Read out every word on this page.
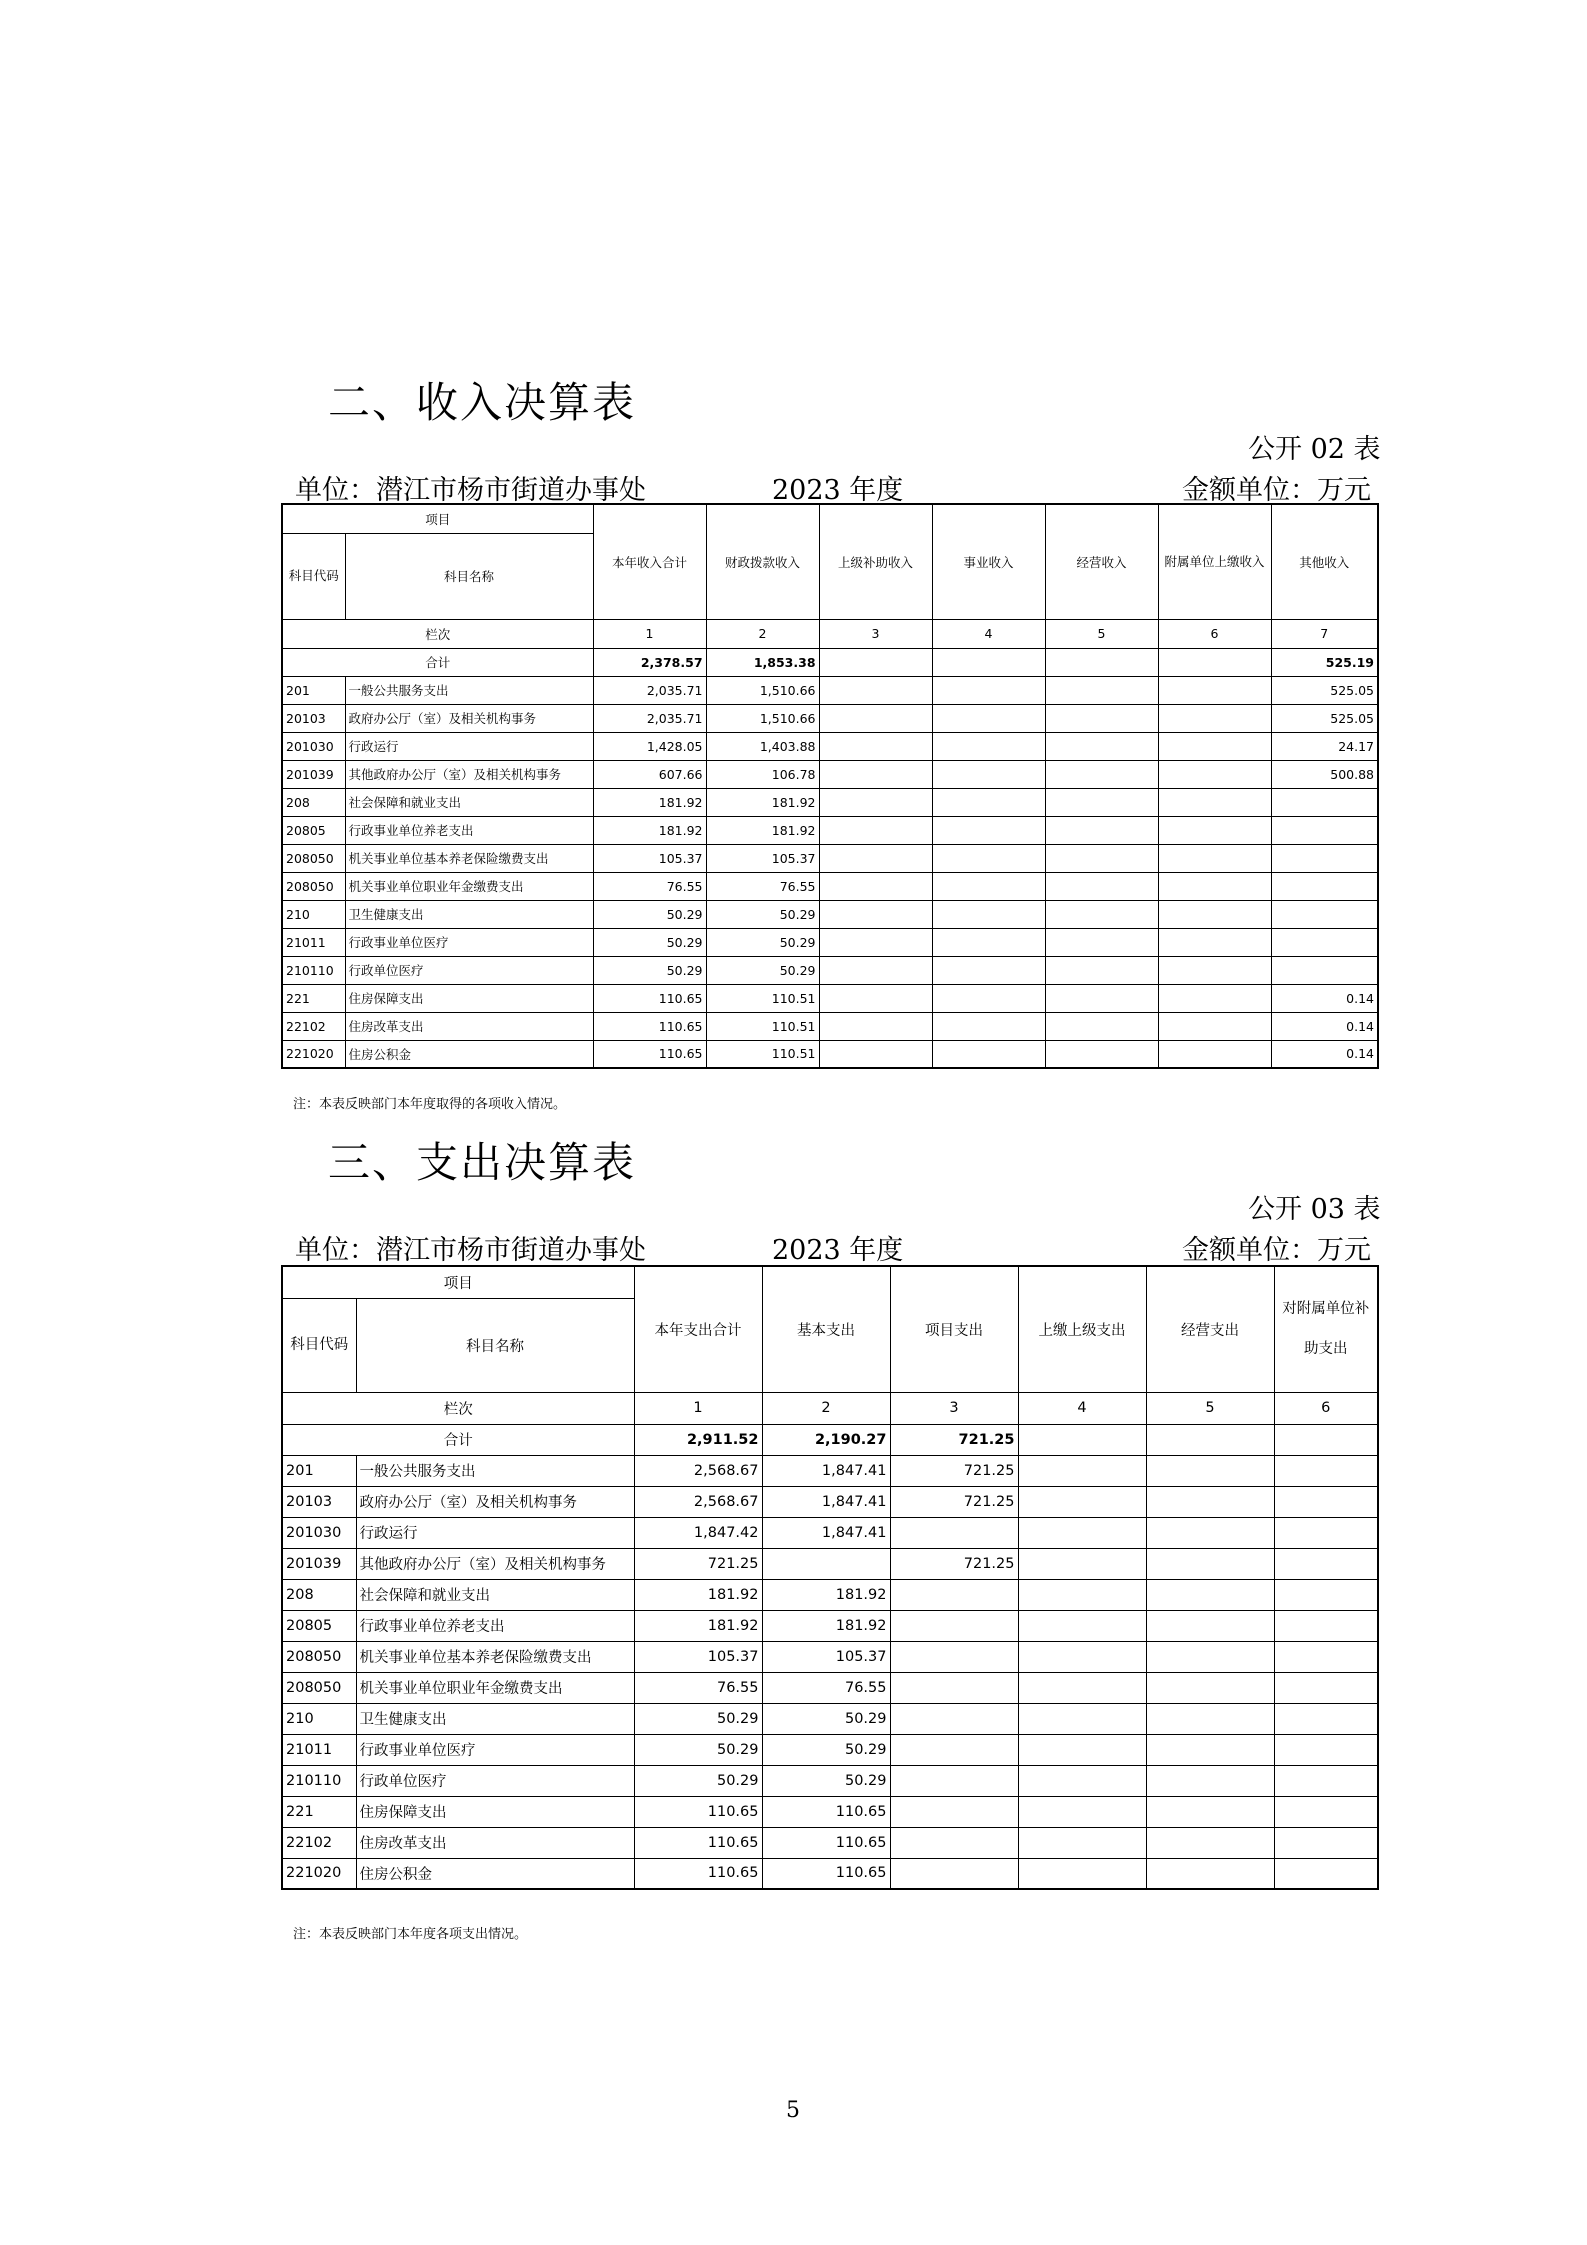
二、收入决算表
公开 02 表
单位：潜江市杨市街道办事处	2023 年度	金额单位：万元
项目		本年收入合计	财政拨款收入	上级补助收入	事业收入	经营收入	附属单位上缴收入	其他收入
科目代码	科目名称							
栏次		1	2	3	4	5	6	7
合计		2,378.57	1,853.38					525.19
201	一般公共服务支出	2,035.71	1,510.66					525.05
20103	政府办公厅（室）及相关机构事务	2,035.71	1,510.66					525.05
201030	行政运行	1,428.05	1,403.88					24.17
201039	其他政府办公厅（室）及相关机构事务	607.66	106.78					500.88
208	社会保障和就业支出	181.92	181.92					
20805	行政事业单位养老支出	181.92	181.92					
208050	机关事业单位基本养老保险缴费支出	105.37	105.37					
208050	机关事业单位职业年金缴费支出	76.55	76.55					
210	卫生健康支出	50.29	50.29					
21011	行政事业单位医疗	50.29	50.29					
210110	行政单位医疗	50.29	50.29					
221	住房保障支出	110.65	110.51					0.14
22102	住房改革支出	110.65	110.51					0.14
221020	住房公积金	110.65	110.51					0.14
注：本表反映部门本年度取得的各项收入情况。
三、支出决算表
公开 03 表
单位：潜江市杨市街道办事处	2023 年度	金额单位：万元
项目		本年支出合计	基本支出	项目支出	上缴上级支出	经营支出	对附属单位补助支出
科目代码	科目名称						
栏次		1	2	3	4	5	6
合计		2,911.52	2,190.27	721.25			
201	一般公共服务支出	2,568.67	1,847.41	721.25			
20103	政府办公厅（室）及相关机构事务	2,568.67	1,847.41	721.25			
201030	行政运行	1,847.42	1,847.41				
201039	其他政府办公厅（室）及相关机构事务	721.25		721.25			
208	社会保障和就业支出	181.92	181.92				
20805	行政事业单位养老支出	181.92	181.92				
208050	机关事业单位基本养老保险缴费支出	105.37	105.37				
208050	机关事业单位职业年金缴费支出	76.55	76.55				
210	卫生健康支出	50.29	50.29				
21011	行政事业单位医疗	50.29	50.29				
210110	行政单位医疗	50.29	50.29				
221	住房保障支出	110.65	110.65				
22102	住房改革支出	110.65	110.65				
221020	住房公积金	110.65	110.65				
注：本表反映部门本年度各项支出情况。
5
